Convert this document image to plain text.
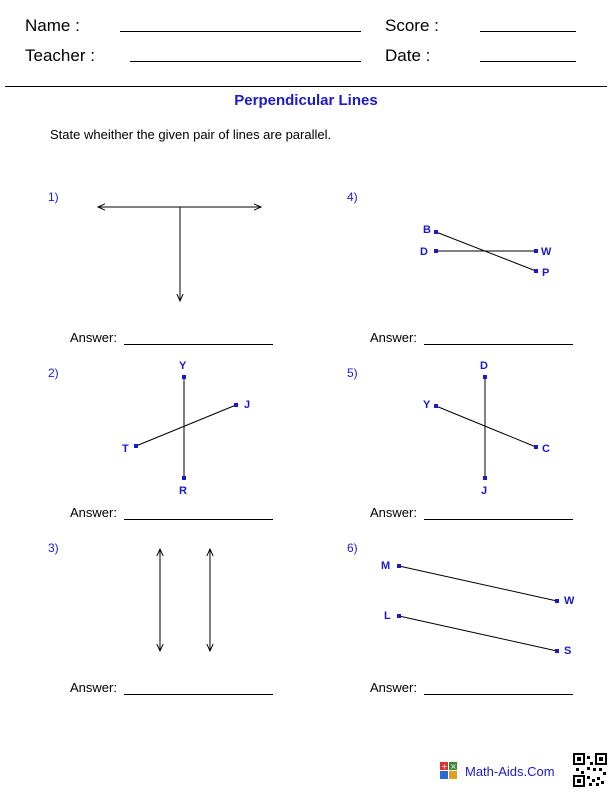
Name :	Score :
Teacher :	Date :
Perpendicular Lines
State wheither the given pair of lines are parallel.
1)
2)
3)
4)
5)
6)
Answer:	Answer:
Answer:	Answer:
Answer:	Answer:
Y
J
T
R
B
D	W
P
D
Y
C
J
M
W
L
S
+ × Math-Aids.Com
